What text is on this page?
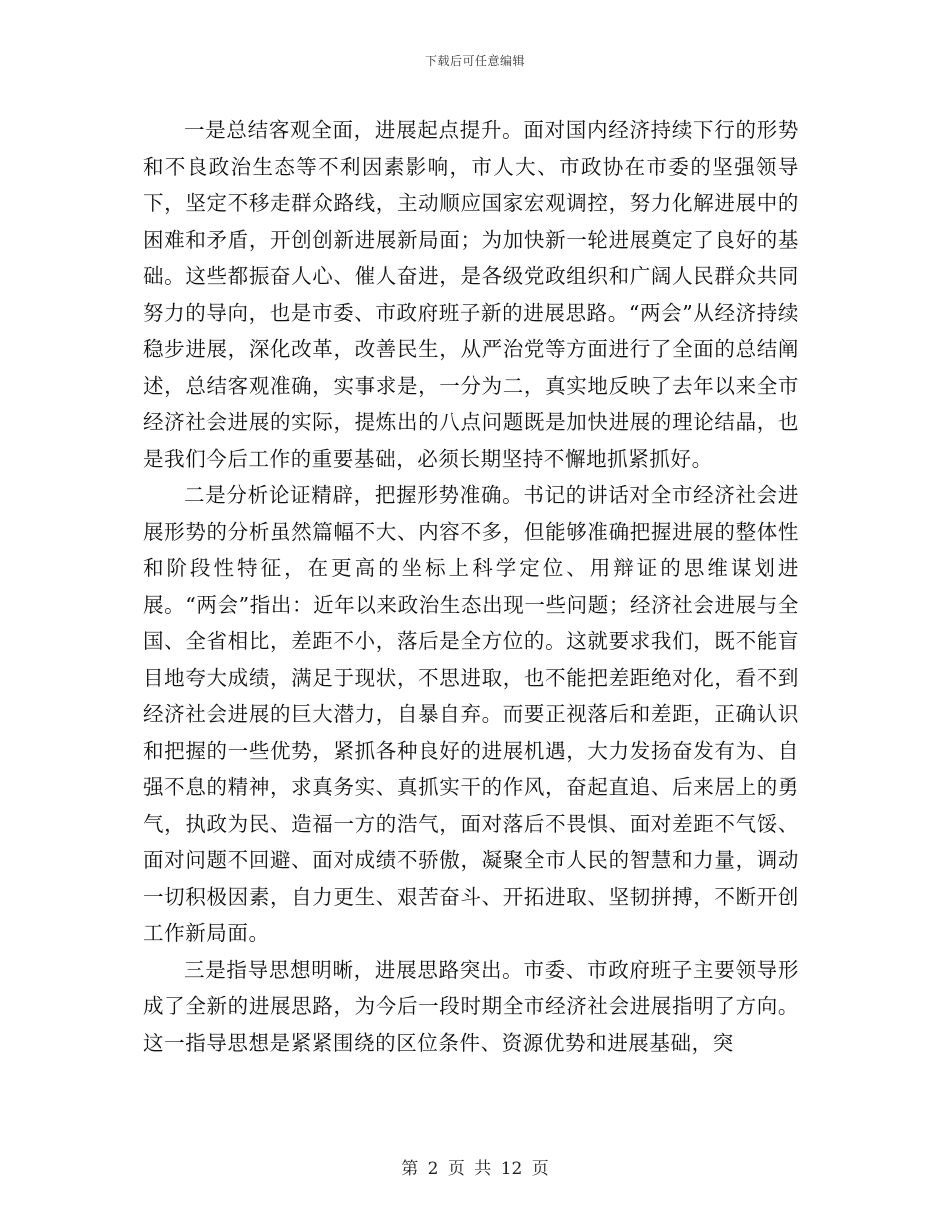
下载后可任意编辑

一是总结客观全面，进展起点提升。面对国内经济持续下行的形势和不良政治生态等不利因素影响，市人大、市政协在市委的坚强领导下，坚定不移走群众路线，主动顺应国家宏观调控，努力化解进展中的困难和矛盾，开创创新进展新局面；为加快新一轮进展奠定了良好的基础。这些都振奋人心、催人奋进，是各级党政组织和广阔人民群众共同努力的导向，也是市委、市政府班子新的进展思路。“两会”从经济持续稳步进展，深化改革，改善民生，从严治党等方面进行了全面的总结阐述，总结客观准确，实事求是，一分为二，真实地反映了去年以来全市经济社会进展的实际，提炼出的八点问题既是加快进展的理论结晶，也是我们今后工作的重要基础，必须长期坚持不懈地抓紧抓好。

二是分析论证精辟，把握形势准确。书记的讲话对全市经济社会进展形势的分析虽然篇幅不大、内容不多，但能够准确把握进展的整体性和阶段性特征，在更高的坐标上科学定位、用辩证的思维谋划进展。“两会”指出：近年以来政治生态出现一些问题；经济社会进展与全国、全省相比，差距不小，落后是全方位的。这就要求我们，既不能盲目地夸大成绩，满足于现状，不思进取，也不能把差距绝对化，看不到经济社会进展的巨大潜力，自暴自弃。而要正视落后和差距，正确认识和把握的一些优势，紧抓各种良好的进展机遇，大力发扬奋发有为、自强不息的精神，求真务实、真抓实干的作风，奋起直追、后来居上的勇气，执政为民、造福一方的浩气，面对落后不畏惧、面对差距不气馁、面对问题不回避、面对成绩不骄傲，凝聚全市人民的智慧和力量，调动一切积极因素，自力更生、艰苦奋斗、开拓进取、坚韧拼搏，不断开创工作新局面。

三是指导思想明晰，进展思路突出。市委、市政府班子主要领导形成了全新的进展思路，为今后一段时期全市经济社会进展指明了方向。这一指导思想是紧紧围绕的区位条件、资源优势和进展基础，突

第 2 页 共 12 页
